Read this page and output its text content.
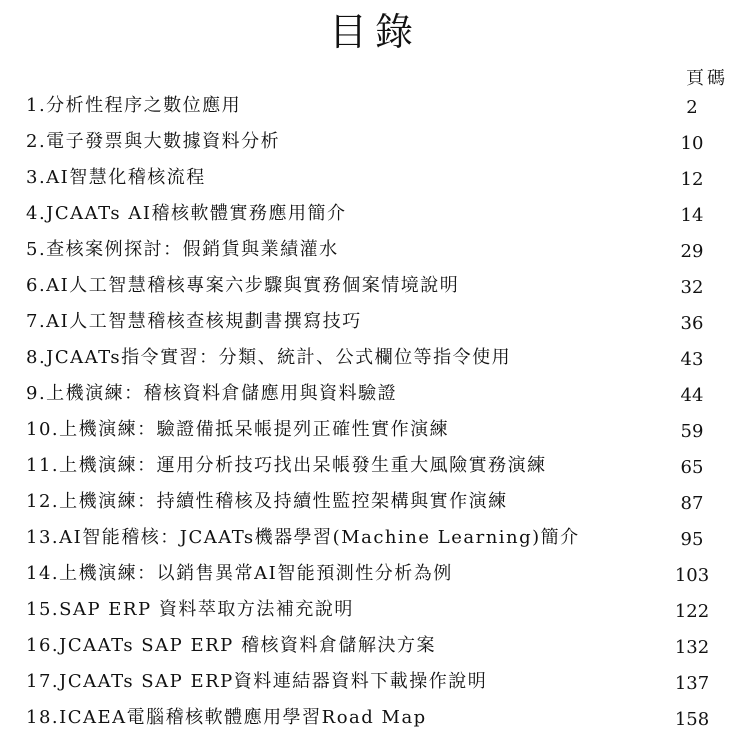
目錄
頁碼
1.分析性程序之數位應用	2
2.電子發票與大數據資料分析	10
3.AI智慧化稽核流程	12
4.JCAATs AI稽核軟體實務應用簡介	14
5.查核案例探討：假銷貨與業績灌水	29
6.AI人工智慧稽核專案六步驟與實務個案情境說明	32
7.AI人工智慧稽核查核規劃書撰寫技巧	36
8.JCAATs指令實習：分類、統計、公式欄位等指令使用	43
9.上機演練：稽核資料倉儲應用與資料驗證	44
10.上機演練：驗證備抵呆帳提列正確性實作演練	59
11.上機演練：運用分析技巧找出呆帳發生重大風險實務演練	65
12.上機演練：持續性稽核及持續性監控架構與實作演練	87
13.AI智能稽核：JCAATs機器學習(Machine Learning)簡介	95
14.上機演練：以銷售異常AI智能預測性分析為例	103
15.SAP ERP 資料萃取方法補充說明	122
16.JCAATs SAP ERP 稽核資料倉儲解決方案	132
17.JCAATs SAP ERP資料連結器資料下載操作說明	137
18.ICAEA電腦稽核軟體應用學習Road Map	158
